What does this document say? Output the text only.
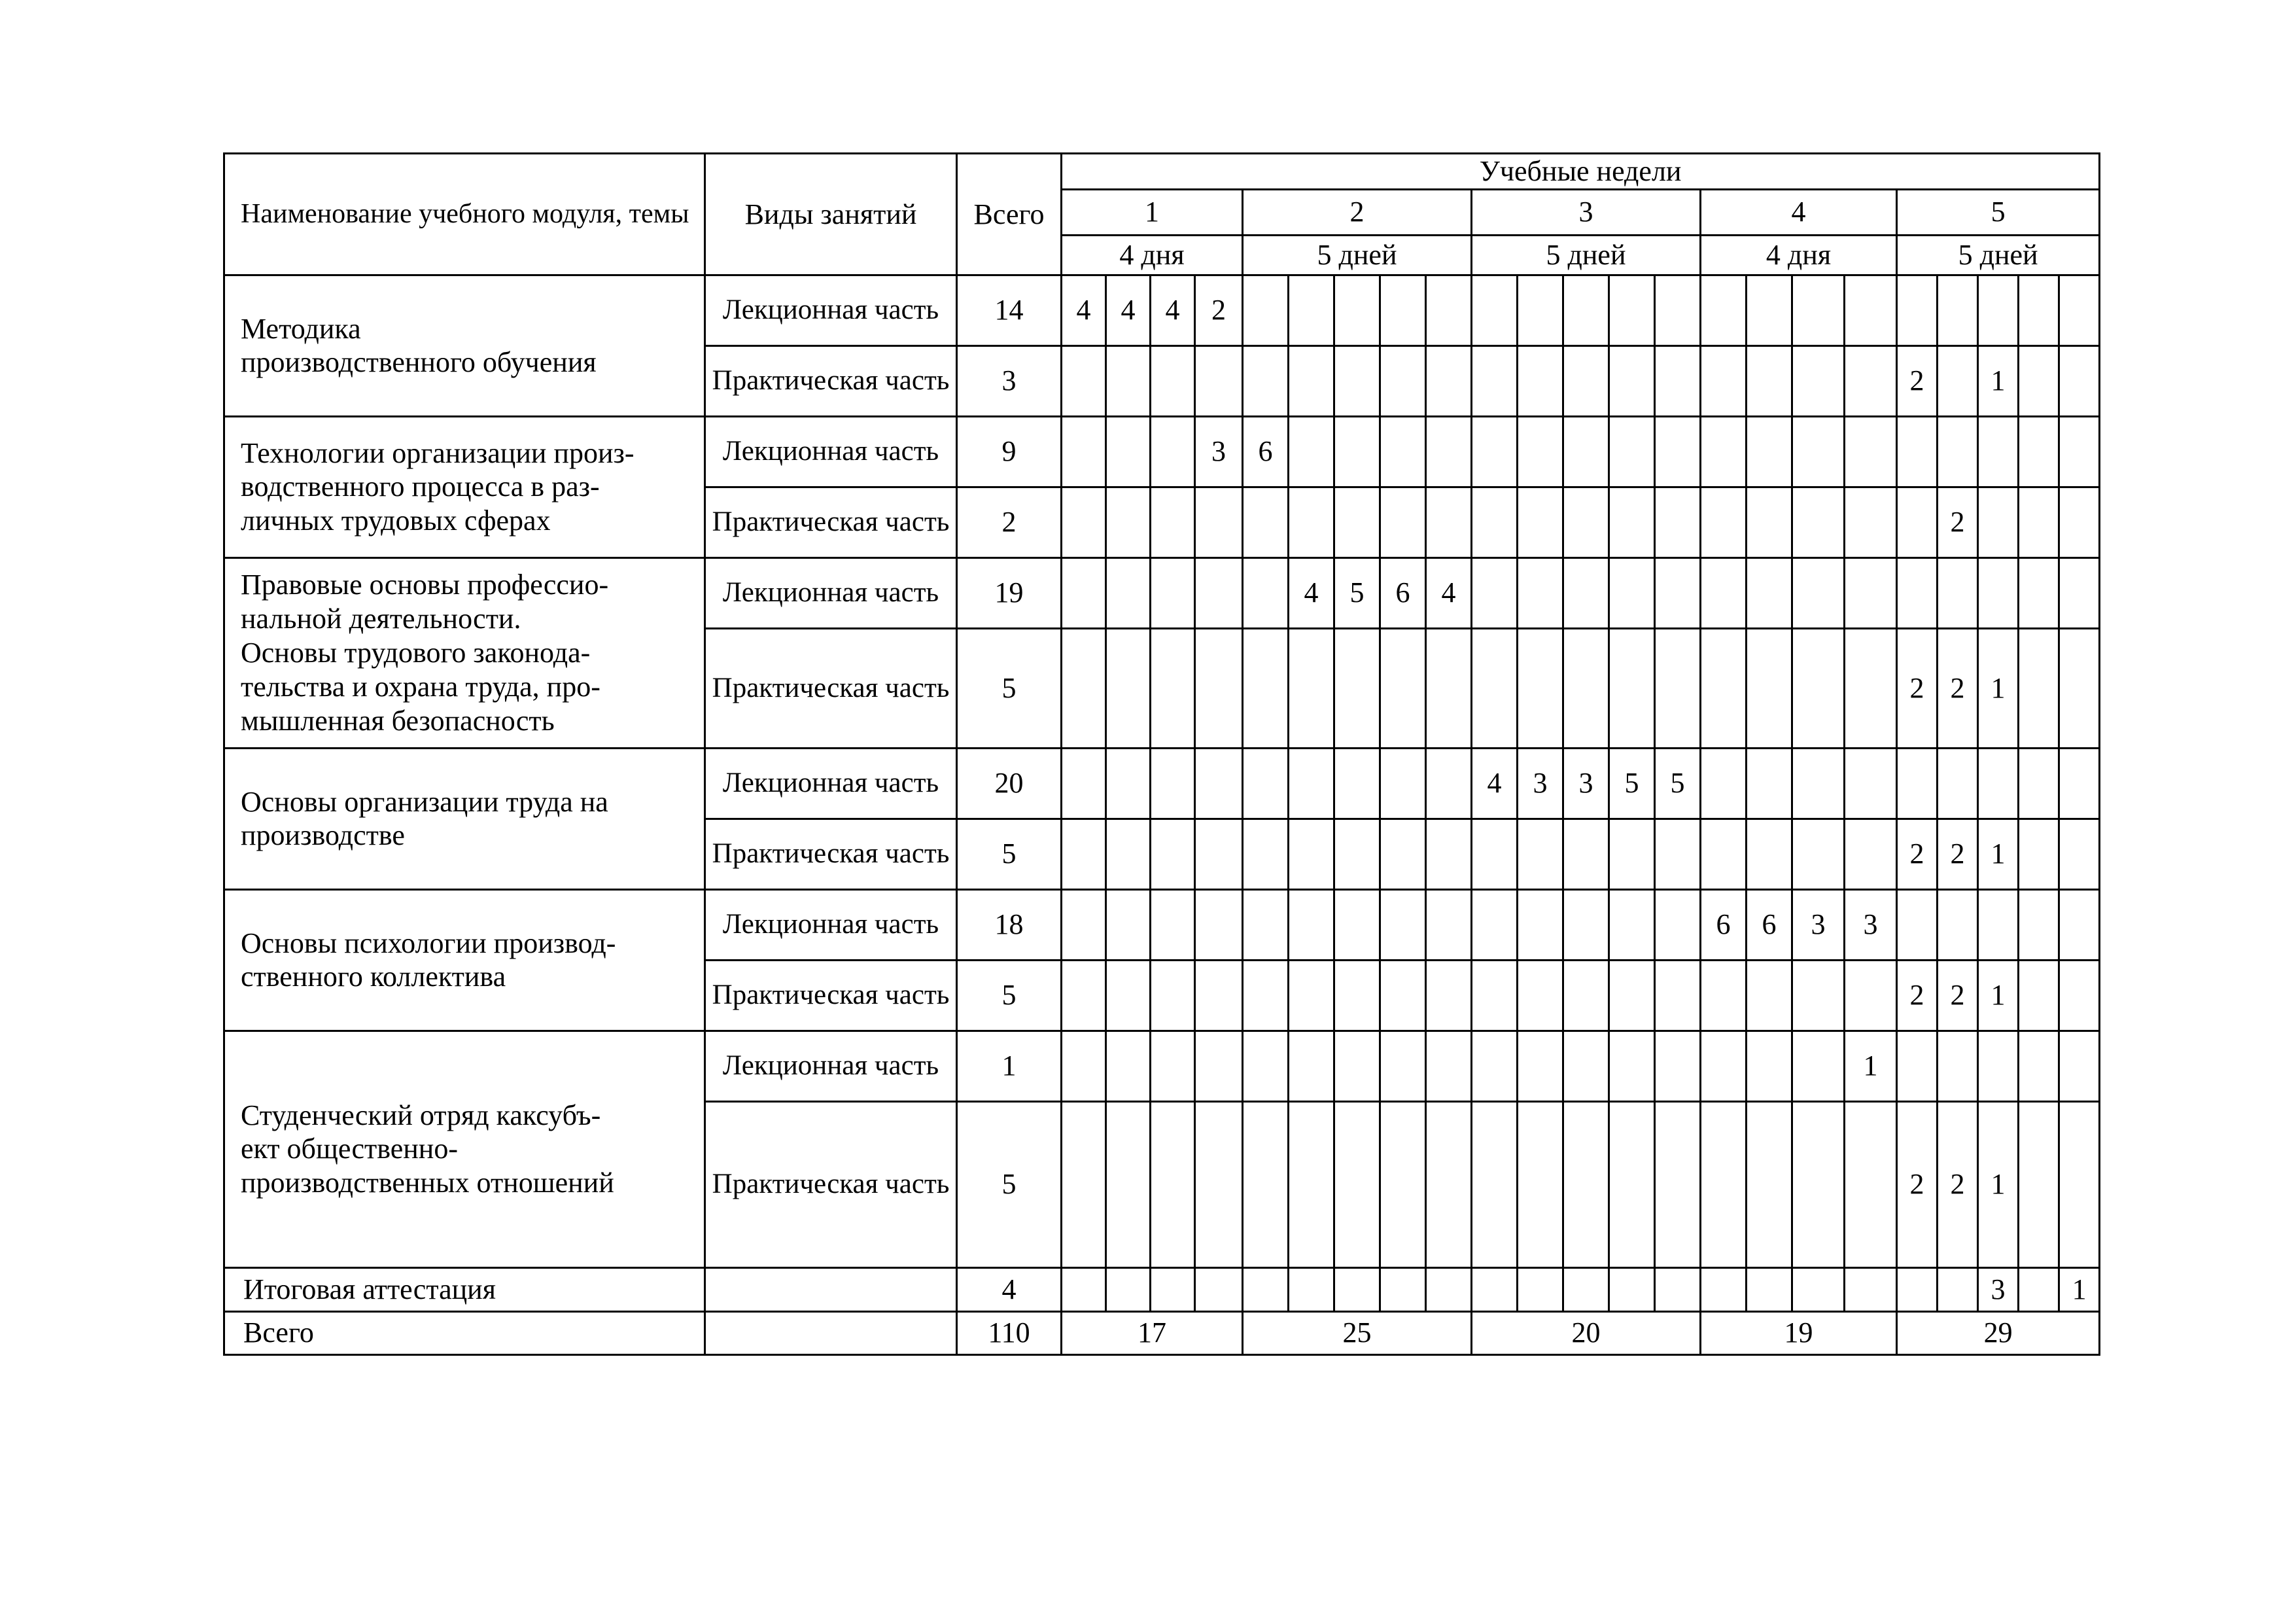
Наименование учебного модуля, темы	Виды занятий	Всего	Учебные недели																						
			1				2					3					4				5				
			4 дня				5 дней					5 дней					4 дня				5 дней				

Методика
производственного обучения	Лекционная часть	14	4	4	4	2																			
	Практическая часть	3																			2		1		

Технологии организации произ-
водственного процесса в раз-
личных трудовых сферах	Лекционная часть	9				3	6																		
	Практическая часть	2																				2			

Правовые основы профессио-
нальной деятельности.
Основы трудового законода-
тельства и охрана труда, про-
мышленная безопасность	Лекционная часть	19						4	5	6	4														
	Практическая часть	5																			2	2	1		

Основы организации труда на
производстве	Лекционная часть	20										4	3	3	5	5									
	Практическая часть	5																			2	2	1		

Основы психологии производ-
ственного коллектива	Лекционная часть	18															6	6	3	3					
	Практическая часть	5																			2	2	1		

Студенческий отряд каксубъ-
ект общественно-
производственных отношений	Лекционная часть	1																		1					
	Практическая часть	5																			2	2	1		
Итоговая аттестация		4																					3		1
Всего		110	17				25					20					19				29				
